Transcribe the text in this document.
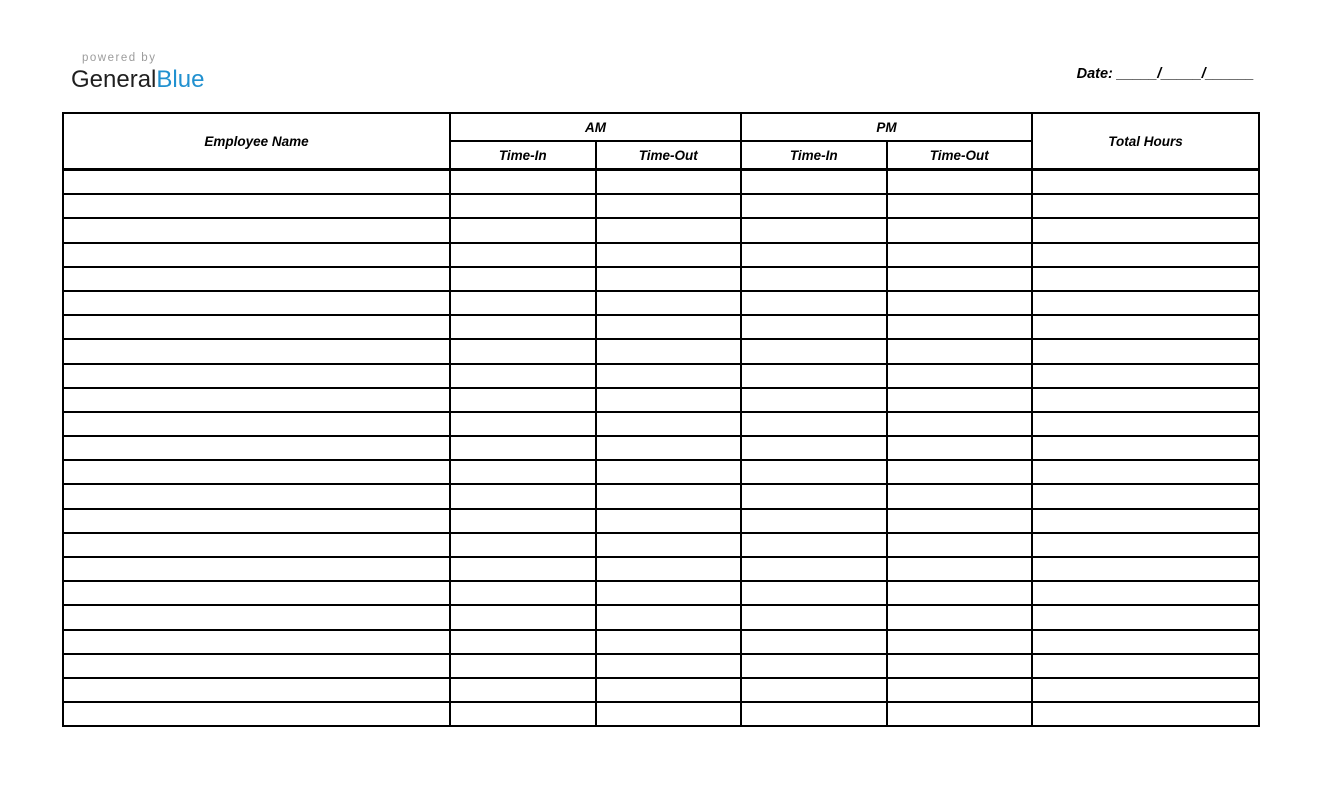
powered by
GeneralBlue	Date: _____/_____/______
Employee Name	AM		PM		Total Hours
	Time-In	Time-Out	Time-In	Time-Out	
